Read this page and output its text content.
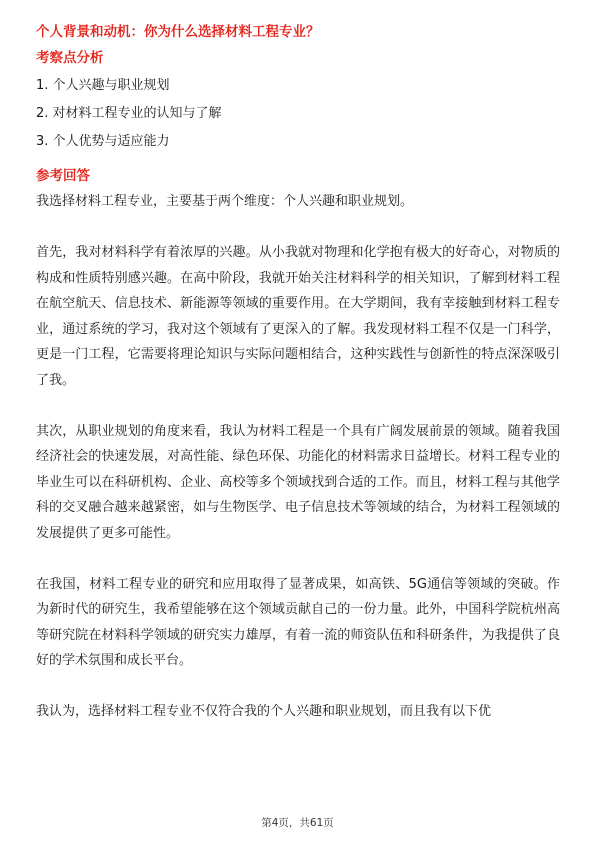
个人背景和动机：你为什么选择材料工程专业？
考察点分析
1. 个人兴趣与职业规划
2. 对材料工程专业的认知与了解
3. 个人优势与适应能力
参考回答

我选择材料工程专业，主要基于两个维度：个人兴趣和职业规划。

首先，我对材料科学有着浓厚的兴趣。从小我就对物理和化学抱有极大的好奇心，对物质的构成和性质特别感兴趣。在高中阶段，我就开始关注材料科学的相关知识，了解到材料工程在航空航天、信息技术、新能源等领域的重要作用。在大学期间，我有幸接触到材料工程专业，通过系统的学习，我对这个领域有了更深入的了解。我发现材料工程不仅是一门科学，更是一门工程，它需要将理论知识与实际问题相结合，这种实践性与创新性的特点深深吸引了我。

其次，从职业规划的角度来看，我认为材料工程是一个具有广阔发展前景的领域。随着我国经济社会的快速发展，对高性能、绿色环保、功能化的材料需求日益增长。材料工程专业的毕业生可以在科研机构、企业、高校等多个领域找到合适的工作。而且，材料工程与其他学科的交叉融合越来越紧密，如与生物医学、电子信息技术等领域的结合，为材料工程领域的发展提供了更多可能性。

在我国，材料工程专业的研究和应用取得了显著成果，如高铁、5G通信等领域的突破。作为新时代的研究生，我希望能够在这个领域贡献自己的一份力量。此外，中国科学院杭州高等研究院在材料科学领域的研究实力雄厚，有着一流的师资队伍和科研条件，为我提供了良好的学术氛围和成长平台。

我认为，选择材料工程专业不仅符合我的个人兴趣和职业规划，而且我有以下优

第4页，共61页
